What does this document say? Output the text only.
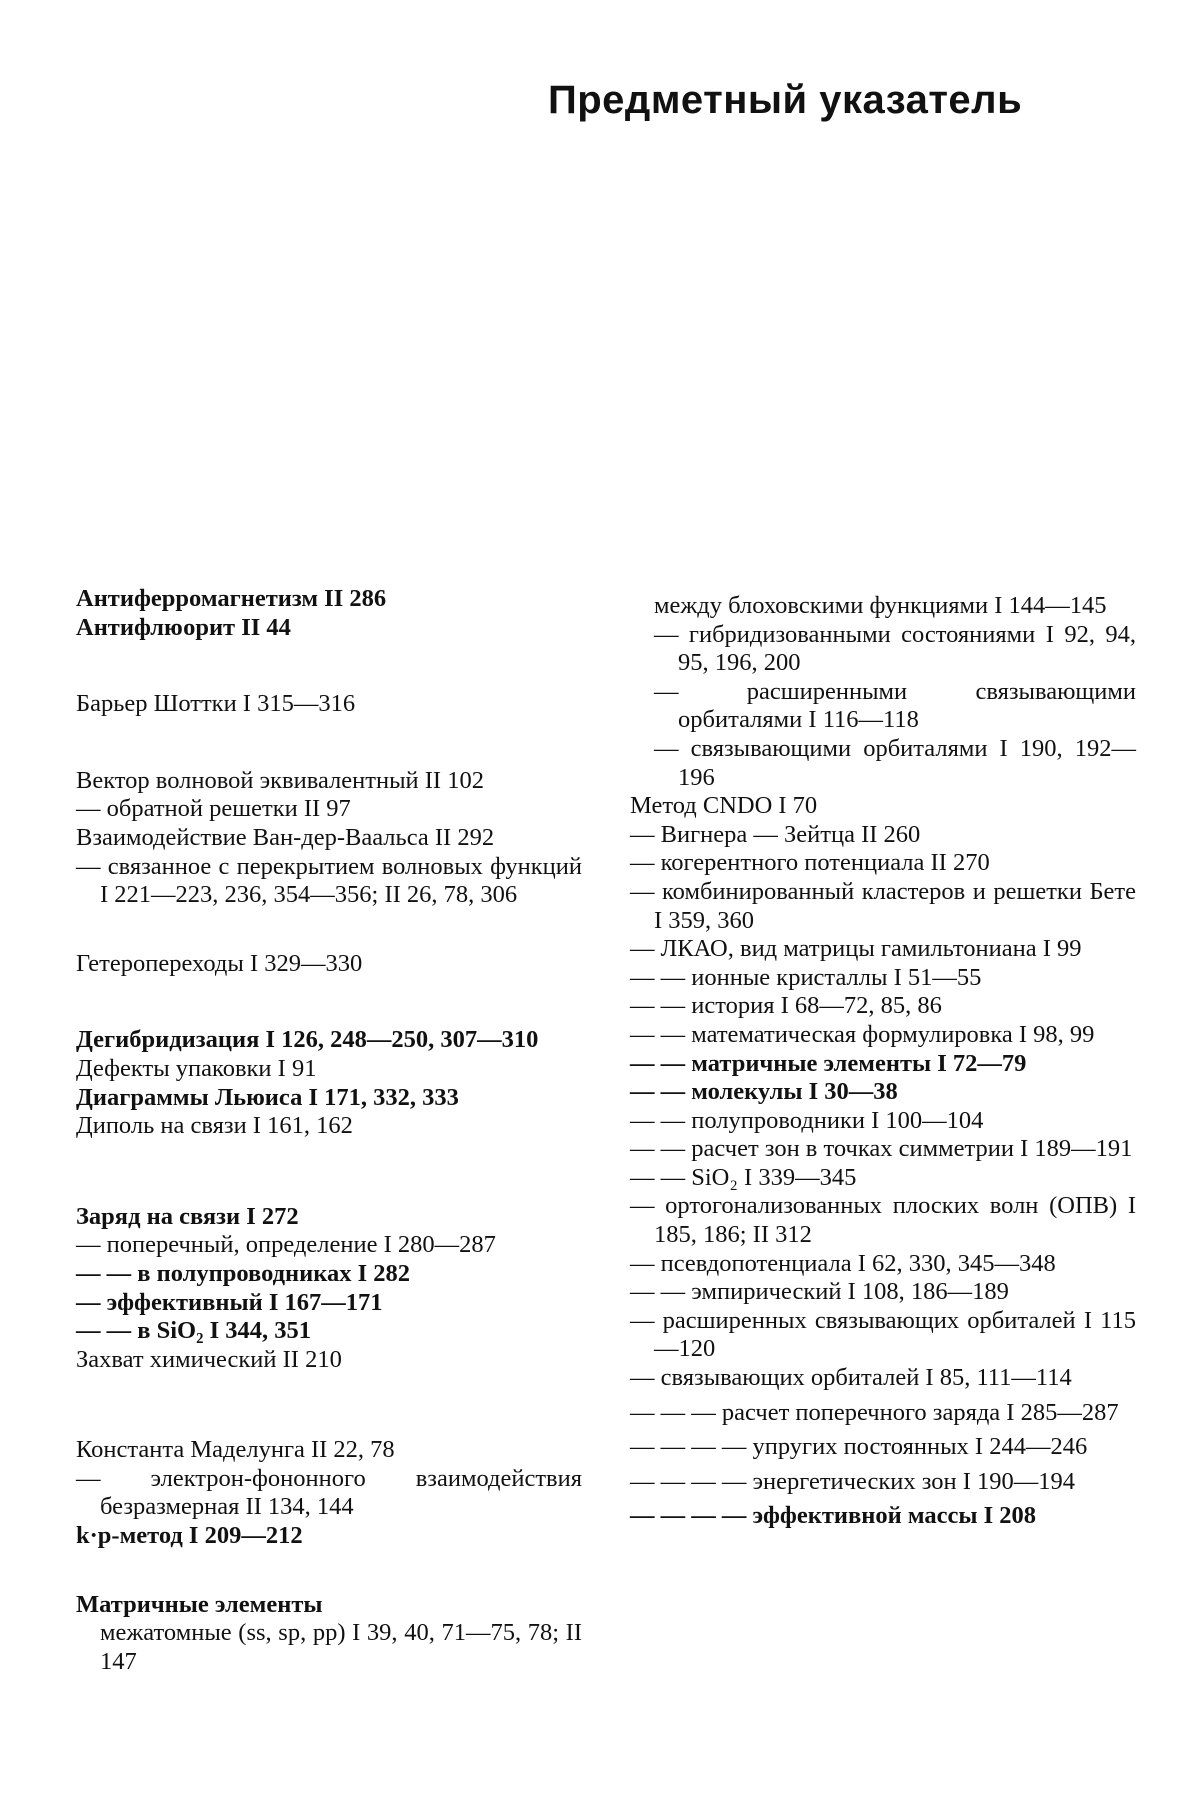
Предметный указатель
Антиферромагнетизм II 286
Антифлюорит II 44
Барьер Шоттки I 315—316
Вектор волновой эквивалентный II 102
— обратной решетки II 97
Взаимодействие Ван-дер-Ваальса II 292
— связанное с перекрытием волновых функций I 221—223, 236, 354—356; II 26, 78, 306
Гетеропереходы I 329—330
Дегибридизация I 126, 248—250, 307—310
Дефекты упаковки I 91
Диаграммы Льюиса I 171, 332, 333
Диполь на связи I 161, 162
Заряд на связи I 272
— поперечный, определение I 280—287
— — в полупроводниках I 282
— эффективный I 167—171
— — в SiO₂ I 344, 351
Захват химический II 210
Константа Маделунга II 22, 78
— электрон-фононного взаимодействия безразмерная II 134, 144
k·p-метод I 209—212
Матричные элементы
межатомные (ss, sp, pp) I 39, 40, 71—75, 78; II 147
между блоховскими функциями I 144—145
— гибридизованными состояниями I 92, 94, 95, 196, 200
— расширенными связывающими орбиталями I 116—118
— связывающими орбиталями I 190, 192—196
Метод CNDO I 70
— Вигнера — Зейтца II 260
— когерентного потенциала II 270
— комбинированный кластеров и решетки Бете I 359, 360
— ЛКАО, вид матрицы гамильтониана I 99
— — ионные кристаллы I 51—55
— — история I 68—72, 85, 86
— — математическая формулировка I 98, 99
— — матричные элементы I 72—79
— — молекулы I 30—38
— — полупроводники I 100—104
— — расчет зон в точках симметрии I 189—191
— — SiO₂ I 339—345
— ортогонализованных плоских волн (ОПВ) I 185, 186; II 312
— псевдопотенциала I 62, 330, 345—348
— — эмпирический I 108, 186—189
— расширенных связывающих орбиталей I 115—120
— связывающих орбиталей I 85, 111—114
— — — расчет поперечного заряда I 285—287
— — — — упругих постоянных I 244—246
— — — — энергетических зон I 190—194
— — — — эффективной массы I 208
